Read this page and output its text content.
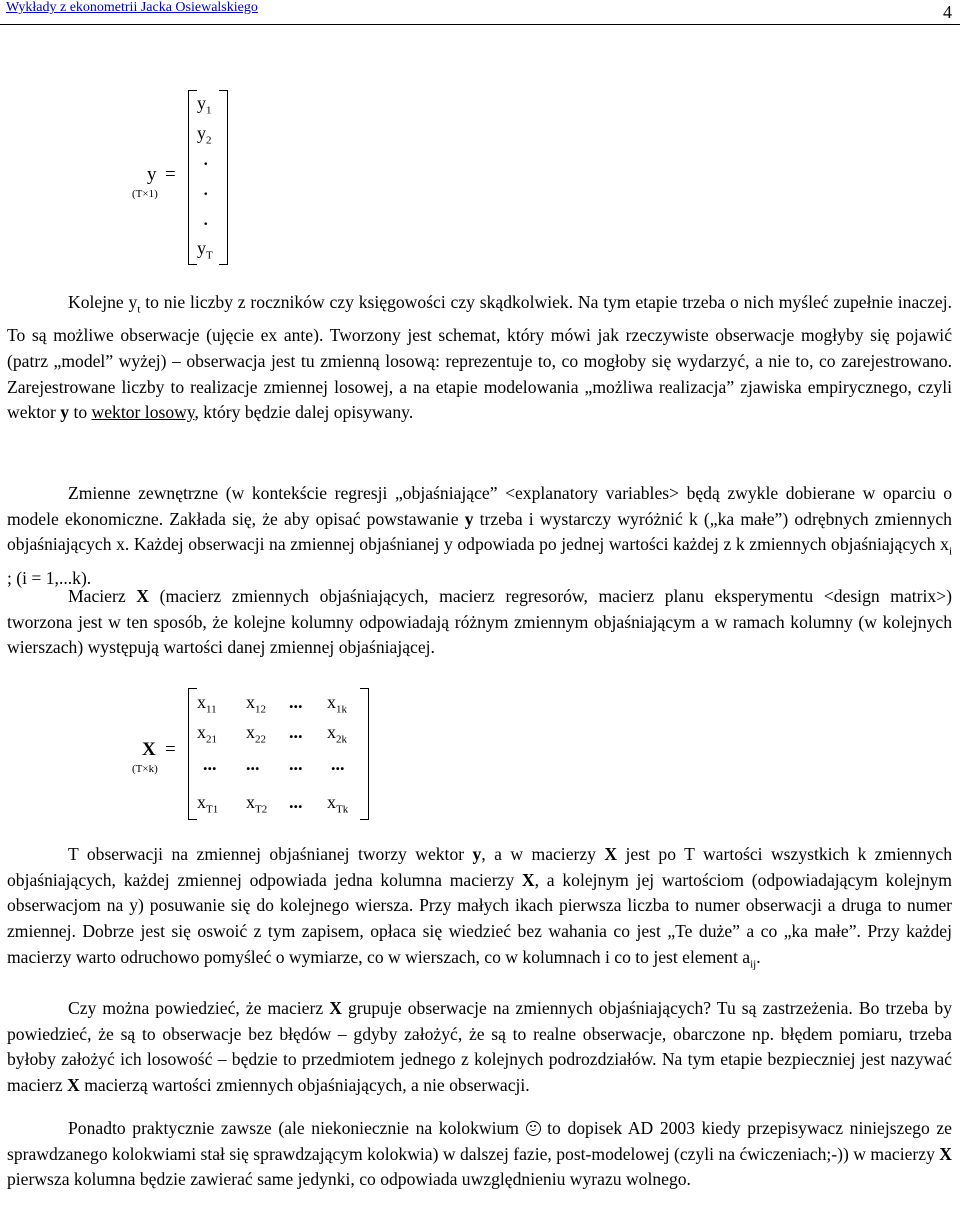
Wykłady z ekonometrii Jacka Osiewalskiego	4
y =
(T×1)
$y_1$
$y_2$
.
.
.
$y_T$

Kolejne $y_t$ to nie liczby z roczników czy księgowości czy skądkolwiek. Na tym etapie trzeba o nich myśleć zupełnie inaczej. To są możliwe obserwacje (ujęcie ex ante). Tworzony jest schemat, który mówi jak rzeczywiste obserwacje mogłyby się pojawić (patrz „model” wyżej) – obserwacja jest tu zmienną losową: reprezentuje to, co mogłoby się wydarzyć, a nie to, co zarejestrowano. Zarejestrowane liczby to realizacje zmiennej losowej, a na etapie modelowania „możliwa realizacja” zjawiska empirycznego, czyli wektor y to wektor losowy, który będzie dalej opisywany.

Zmienne zewnętrzne (w kontekście regresji „objaśniające” <explanatory variables> będą zwykle dobierane w oparciu o modele ekonomiczne. Zakłada się, że aby opisać powstawanie y trzeba i wystarczy wyróżnić k („ka małe”) odrębnych zmiennych objaśniających x. Każdej obserwacji na zmiennej objaśnianej y odpowiada po jednej wartości każdej z k zmiennych objaśniających $x_i$ ; (i = 1,...k).

Macierz X (macierz zmiennych objaśniających, macierz regresorów, macierz planu eksperymentu <design matrix>) tworzona jest w ten sposób, że kolejne kolumny odpowiadają różnym zmiennym objaśniającym a w ramach kolumny (w kolejnych wierszach) występują wartości danej zmiennej objaśniającej.

X =
(T×k)
$x_{11}$ $x_{12}$ ... $x_{1k}$
$x_{21}$ $x_{22}$ ... $x_{2k}$
... ... ... ...
$x_{T1}$ $x_{T2}$ ... $x_{Tk}$

T obserwacji na zmiennej objaśnianej tworzy wektor y, a w macierzy X jest po T wartości wszystkich k zmiennych objaśniających, każdej zmiennej odpowiada jedna kolumna macierzy X, a kolejnym jej wartościom (odpowiadającym kolejnym obserwacjom na y) posuwanie się do kolejnego wiersza. Przy małych ikach pierwsza liczba to numer obserwacji a druga to numer zmiennej. Dobrze jest się oswoić z tym zapisem, opłaca się wiedzieć bez wahania co jest „Te duże” a co „ka małe”. Przy każdej macierzy warto odruchowo pomyśleć o wymiarze, co w wierszach, co w kolumnach i co to jest element $a_{ij}$.

Czy można powiedzieć, że macierz X grupuje obserwacje na zmiennych objaśniających? Tu są zastrzeżenia. Bo trzeba by powiedzieć, że są to obserwacje bez błędów – gdyby założyć, że są to realne obserwacje, obarczone np. błędem pomiaru, trzeba byłoby założyć ich losowość – będzie to przedmiotem jednego z kolejnych podrozdziałów. Na tym etapie bezpieczniej jest nazywać macierz X macierzą wartości zmiennych objaśniających, a nie obserwacji.

Ponadto praktycznie zawsze (ale niekoniecznie na kolokwium
to dopisek AD 2003 kiedy przepisywacz niniejszego ze sprawdzanego kolokwiami stał się sprawdzającym kolokwia) w dalszej fazie, post-modelowej (czyli na ćwiczeniach;-)) w macierzy X pierwsza kolumna będzie zawierać same jedynki, co odpowiada uwzględnieniu wyrazu wolnego.
